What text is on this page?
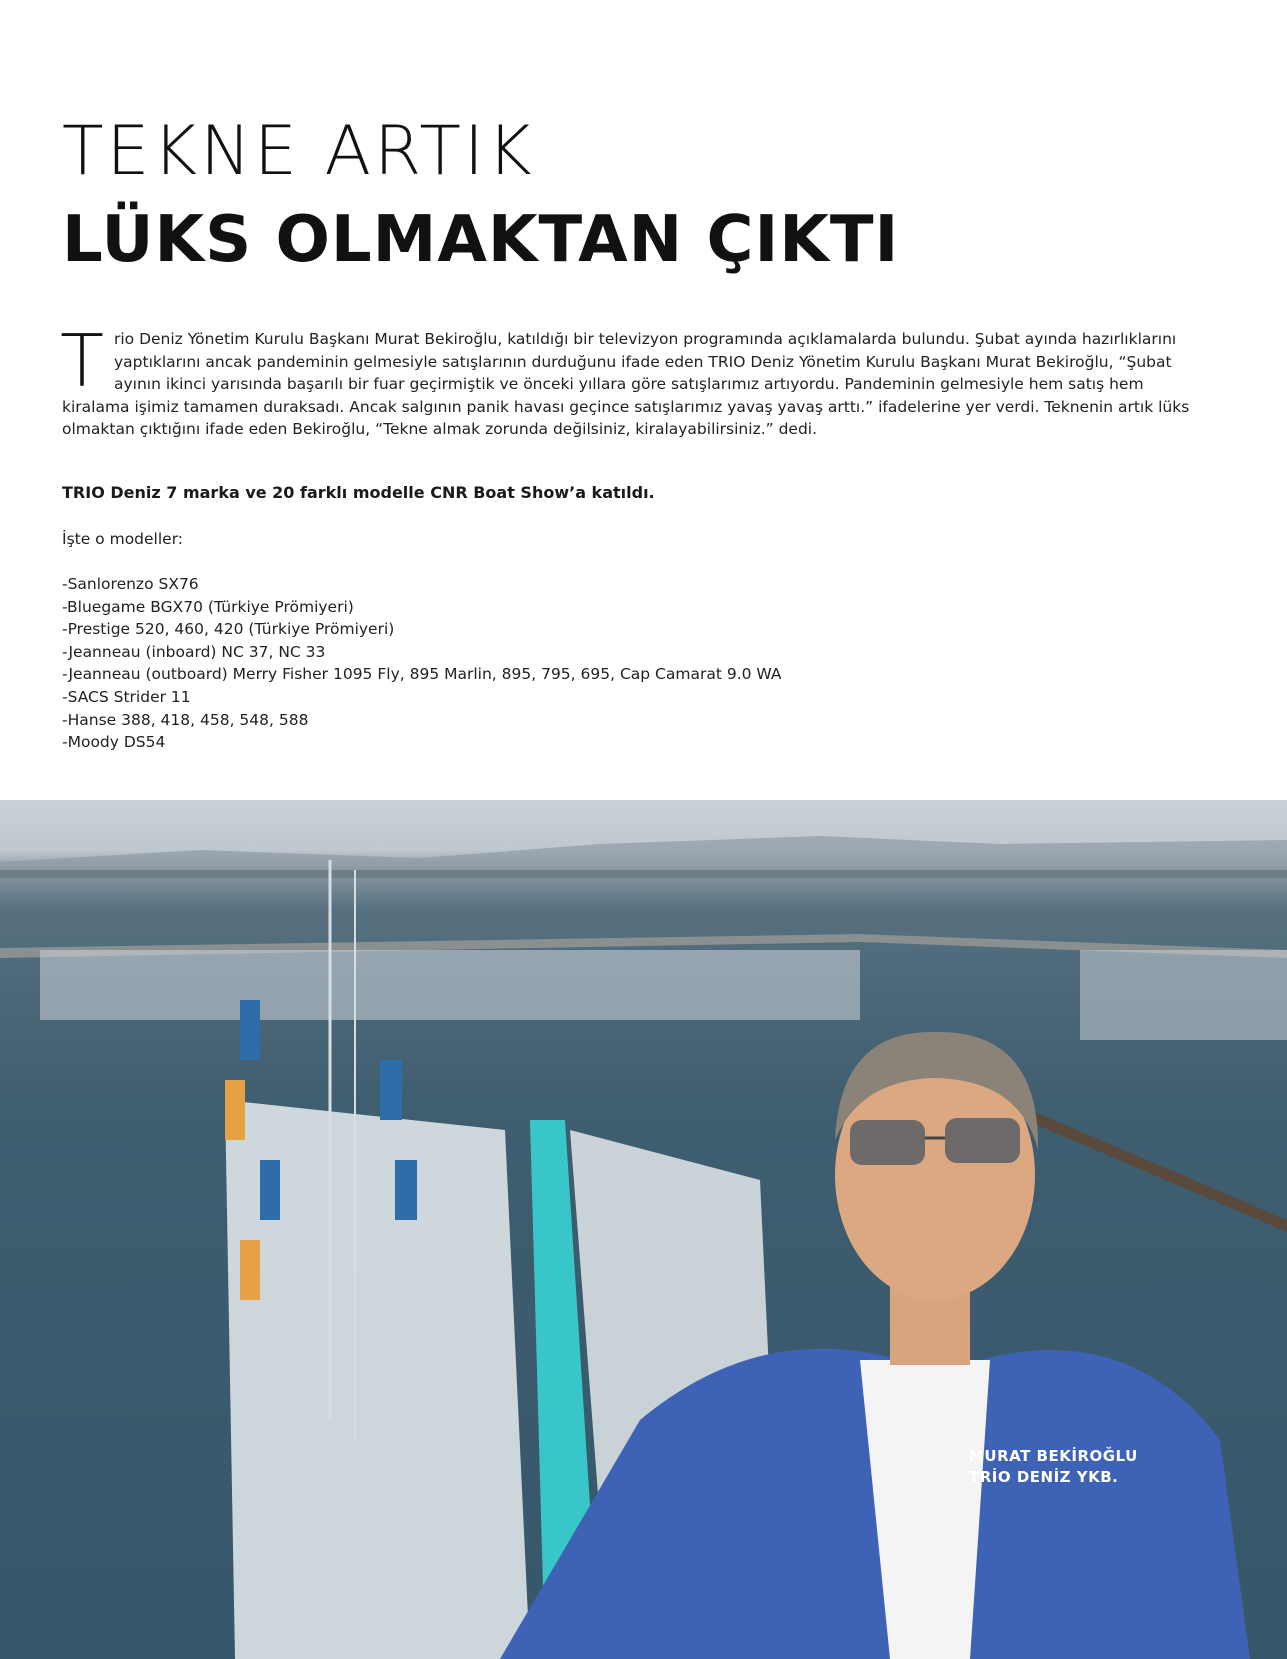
TEKNE ARTIK
LÜKS OLMAKTAN ÇIKTI
T rio Deniz Yönetim Kurulu Başkanı Murat Bekiroğlu, katıldığı bir televizyon programında açıklamalarda bulundu. Şubat ayında hazırlıklarını yaptıklarını ancak pandeminin gelmesiyle satışlarının durduğunu ifade eden TRIO Deniz Yönetim Kurulu Başkanı Murat Bekiroğlu, “Şubat ayının ikinci yarısında başarılı bir fuar geçirmiştik ve önceki yıllara göre satışlarımız artıyordu. Pandeminin gelmesiyle hem satış hem kiralama işimiz tamamen duraksadı. Ancak salgının panik havası geçince satışlarımız yavaş yavaş arttı.” ifadelerine yer verdi. Teknenin artık lüks olmaktan çıktığını ifade eden Bekiroğlu, “Tekne almak zorunda değilsiniz, kiralayabilirsiniz.” dedi.

TRIO Deniz 7 marka ve 20 farklı modelle CNR Boat Show’a katıldı.
İşte o modeller:
-Sanlorenzo SX76
-Bluegame BGX70 (Türkiye Prömiyeri)
-Prestige 520, 460, 420 (Türkiye Prömiyeri)
-Jeanneau (inboard) NC 37, NC 33
-Jeanneau (outboard) Merry Fisher 1095 Fly, 895 Marlin, 895, 795, 695, Cap Camarat 9.0 WA
-SACS Strider 11
-Hanse 388, 418, 458, 548, 588
-Moody DS54
MURAT BEKİROĞLU
TRİO DENİZ YKB.
